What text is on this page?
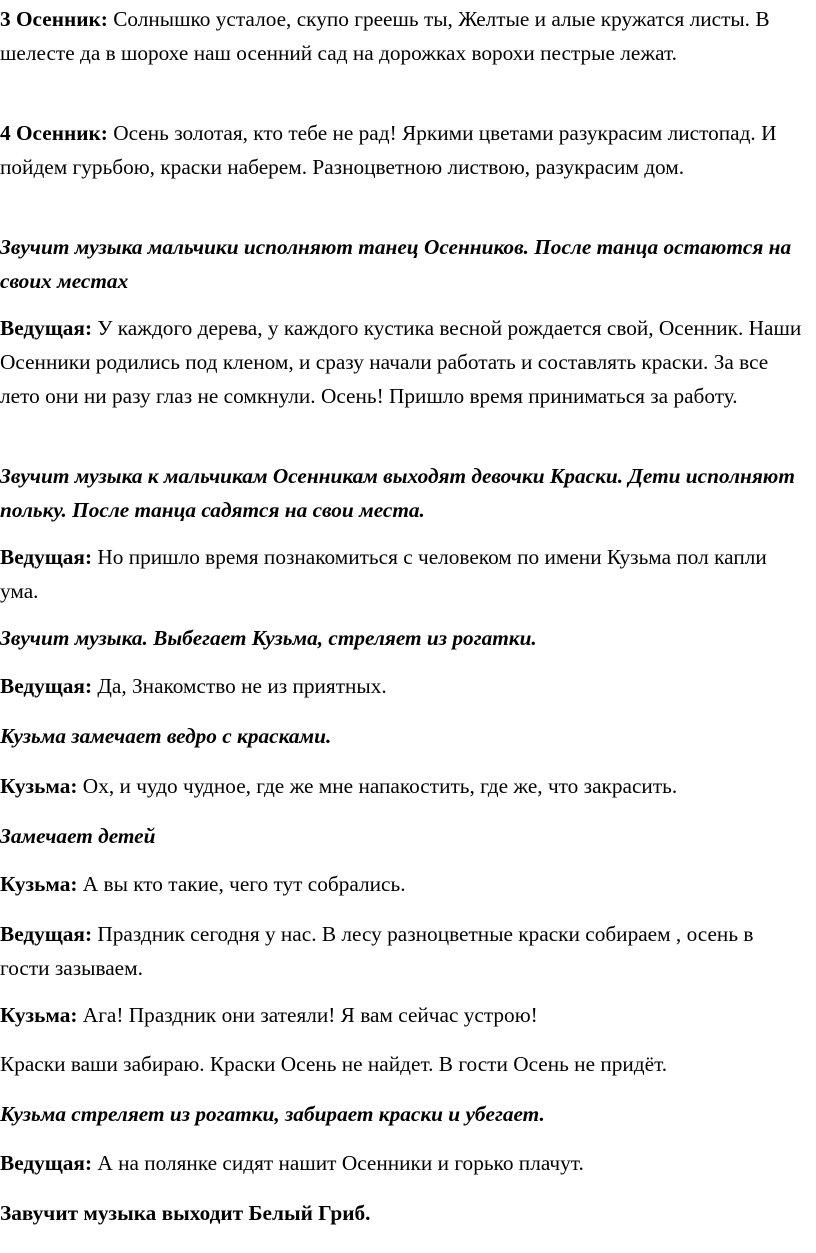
3 Осенник: Солнышко усталое, скупо греешь ты, Желтые и алые кружатся листы. В шелесте да в шорохе наш осенний сад на дорожках ворохи пестрые лежат.

4 Осенник: Осень золотая, кто тебе не рад! Яркими цветами разукрасим листопад. И пойдем гурьбою, краски наберем. Разноцветною листвою, разукрасим дом.

Звучит музыка мальчики исполняют танец Осенников. После танца остаются на своих местах

Ведущая: У каждого дерева, у каждого кустика весной рождается свой, Осенник. Наши Осенники родились под кленом, и сразу начали работать и составлять краски. За все лето они ни разу глаз не сомкнули. Осень! Пришло время приниматься за работу.

Звучит музыка к мальчикам Осенникам выходят девочки Краски. Дети исполняют польку. После танца садятся на свои места.

Ведущая: Но пришло время познакомиться с человеком по имени Кузьма пол капли ума.

Звучит музыка. Выбегает Кузьма, стреляет из рогатки.

Ведущая: Да, Знакомство не из приятных.

Кузьма замечает ведро с красками.

Кузьма: Ох, и чудо чудное, где же мне напакостить, где же, что закрасить.

Замечает детей

Кузьма: А вы кто такие, чего тут собрались.

Ведущая: Праздник сегодня у нас. В лесу разноцветные краски собираем , осень в гости зазываем.

Кузьма: Ага! Праздник они затеяли! Я вам сейчас устрою!

Краски ваши забираю. Краски Осень не найдет. В гости Осень не придёт.

Кузьма стреляет из рогатки, забирает краски и убегает.

Ведущая: А на полянке сидят нашит Осенники и горько плачут.

Завучит музыка выходит Белый Гриб.
